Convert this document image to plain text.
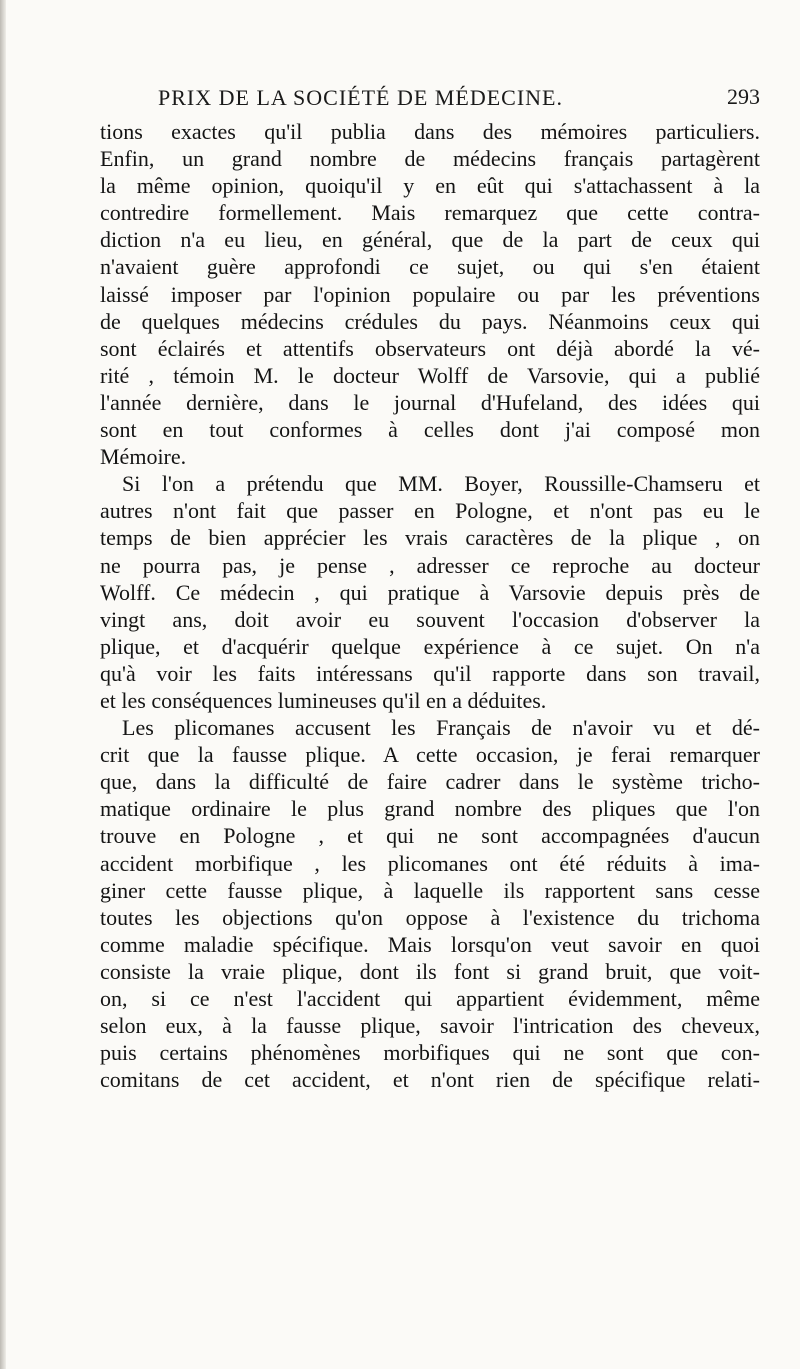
PRIX DE LA SOCIÉTÉ DE MÉDECINE.	293
tions exactes qu'il publia dans des mémoires particuliers.
Enfin, un grand nombre de médecins français partagèrent
la même opinion, quoiqu'il y en eût qui s'attachassent à la
contredire formellement. Mais remarquez que cette contra-
diction n'a eu lieu, en général, que de la part de ceux qui
n'avaient guère approfondi ce sujet, ou qui s'en étaient
laissé imposer par l'opinion populaire ou par les préventions
de quelques médecins crédules du pays. Néanmoins ceux qui
sont éclairés et attentifs observateurs ont déjà abordé la vé-
rité , témoin M. le docteur Wolff de Varsovie, qui a publié
l'année dernière, dans le journal d'Hufeland, des idées qui
sont en tout conformes à celles dont j'ai composé mon
Mémoire.
Si l'on a prétendu que MM. Boyer, Roussille-Chamseru et
autres n'ont fait que passer en Pologne, et n'ont pas eu le
temps de bien apprécier les vrais caractères de la plique , on
ne pourra pas, je pense , adresser ce reproche au docteur
Wolff. Ce médecin , qui pratique à Varsovie depuis près de
vingt ans, doit avoir eu souvent l'occasion d'observer la
plique, et d'acquérir quelque expérience à ce sujet. On n'a
qu'à voir les faits intéressans qu'il rapporte dans son travail,
et les conséquences lumineuses qu'il en a déduites.
Les plicomanes accusent les Français de n'avoir vu et dé-
crit que la fausse plique. A cette occasion, je ferai remarquer
que, dans la difficulté de faire cadrer dans le système tricho-
matique ordinaire le plus grand nombre des pliques que l'on
trouve en Pologne , et qui ne sont accompagnées d'aucun
accident morbifique , les plicomanes ont été réduits à ima-
giner cette fausse plique, à laquelle ils rapportent sans cesse
toutes les objections qu'on oppose à l'existence du trichoma
comme maladie spécifique. Mais lorsqu'on veut savoir en quoi
consiste la vraie plique, dont ils font si grand bruit, que voit-
on, si ce n'est l'accident qui appartient évidemment, même
selon eux, à la fausse plique, savoir l'intrication des cheveux,
puis certains phénomènes morbifiques qui ne sont que con-
comitans de cet accident, et n'ont rien de spécifique relati-
